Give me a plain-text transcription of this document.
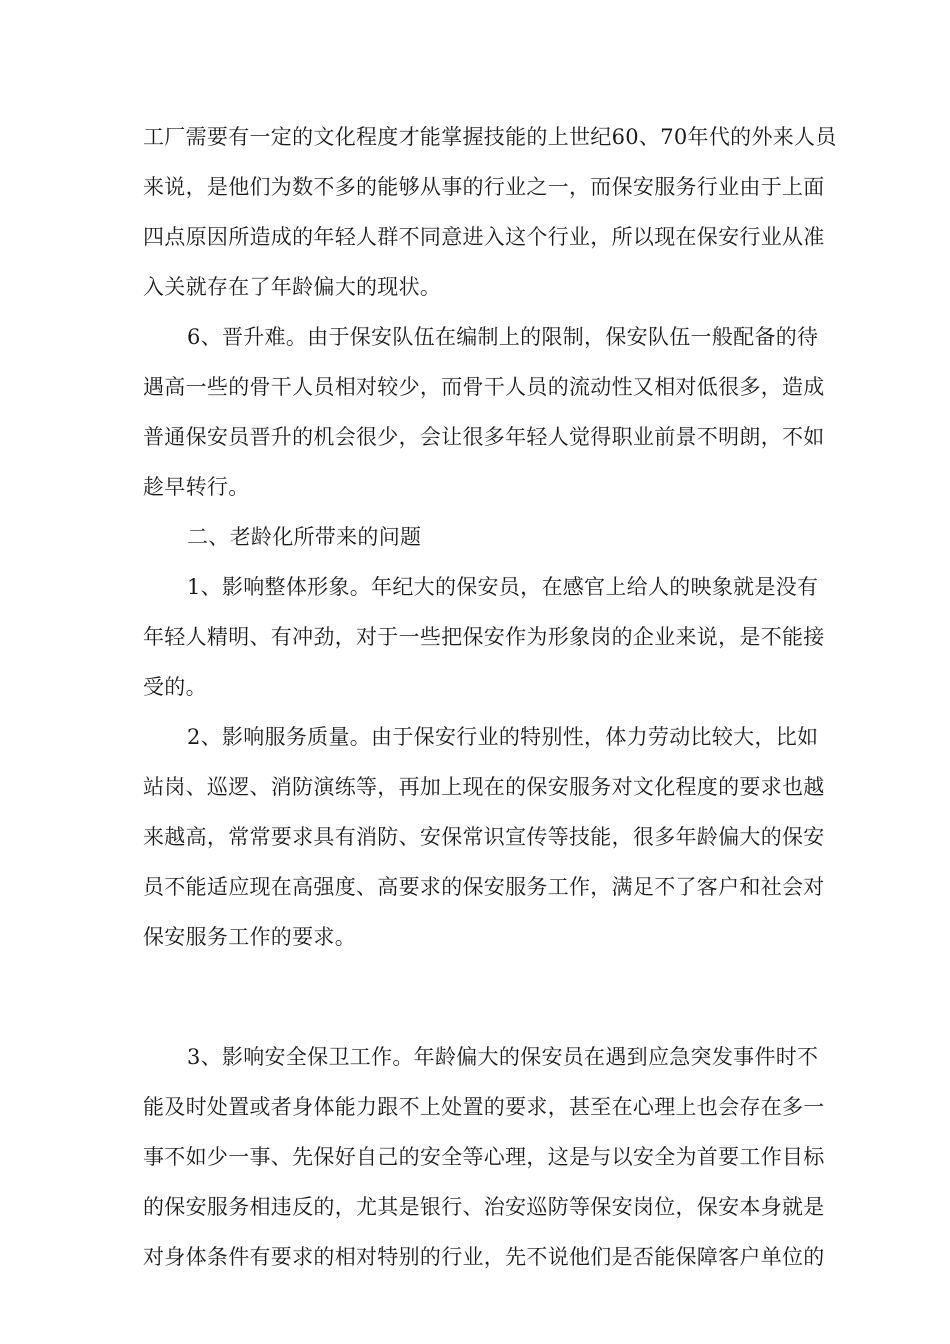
工厂需要有一定的文化程度才能掌握技能的上世纪60、70年代的外来人员
来说，是他们为数不多的能够从事的行业之一，而保安服务行业由于上面
四点原因所造成的年轻人群不同意进入这个行业，所以现在保安行业从准
入关就存在了年龄偏大的现状。
6、晋升难。由于保安队伍在编制上的限制，保安队伍一般配备的待
遇高一些的骨干人员相对较少，而骨干人员的流动性又相对低很多，造成
普通保安员晋升的机会很少，会让很多年轻人觉得职业前景不明朗，不如
趁早转行。
二、老龄化所带来的问题
1、影响整体形象。年纪大的保安员，在感官上给人的映象就是没有
年轻人精明、有冲劲，对于一些把保安作为形象岗的企业来说，是不能接
受的。
2、影响服务质量。由于保安行业的特别性，体力劳动比较大，比如
站岗、巡逻、消防演练等，再加上现在的保安服务对文化程度的要求也越
来越高，常常要求具有消防、安保常识宣传等技能，很多年龄偏大的保安
员不能适应现在高强度、高要求的保安服务工作，满足不了客户和社会对
保安服务工作的要求。
3、影响安全保卫工作。年龄偏大的保安员在遇到应急突发事件时不
能及时处置或者身体能力跟不上处置的要求，甚至在心理上也会存在多一
事不如少一事、先保好自己的安全等心理，这是与以安全为首要工作目标
的保安服务相违反的，尤其是银行、治安巡防等保安岗位，保安本身就是
对身体条件有要求的相对特别的行业，先不说他们是否能保障客户单位的
